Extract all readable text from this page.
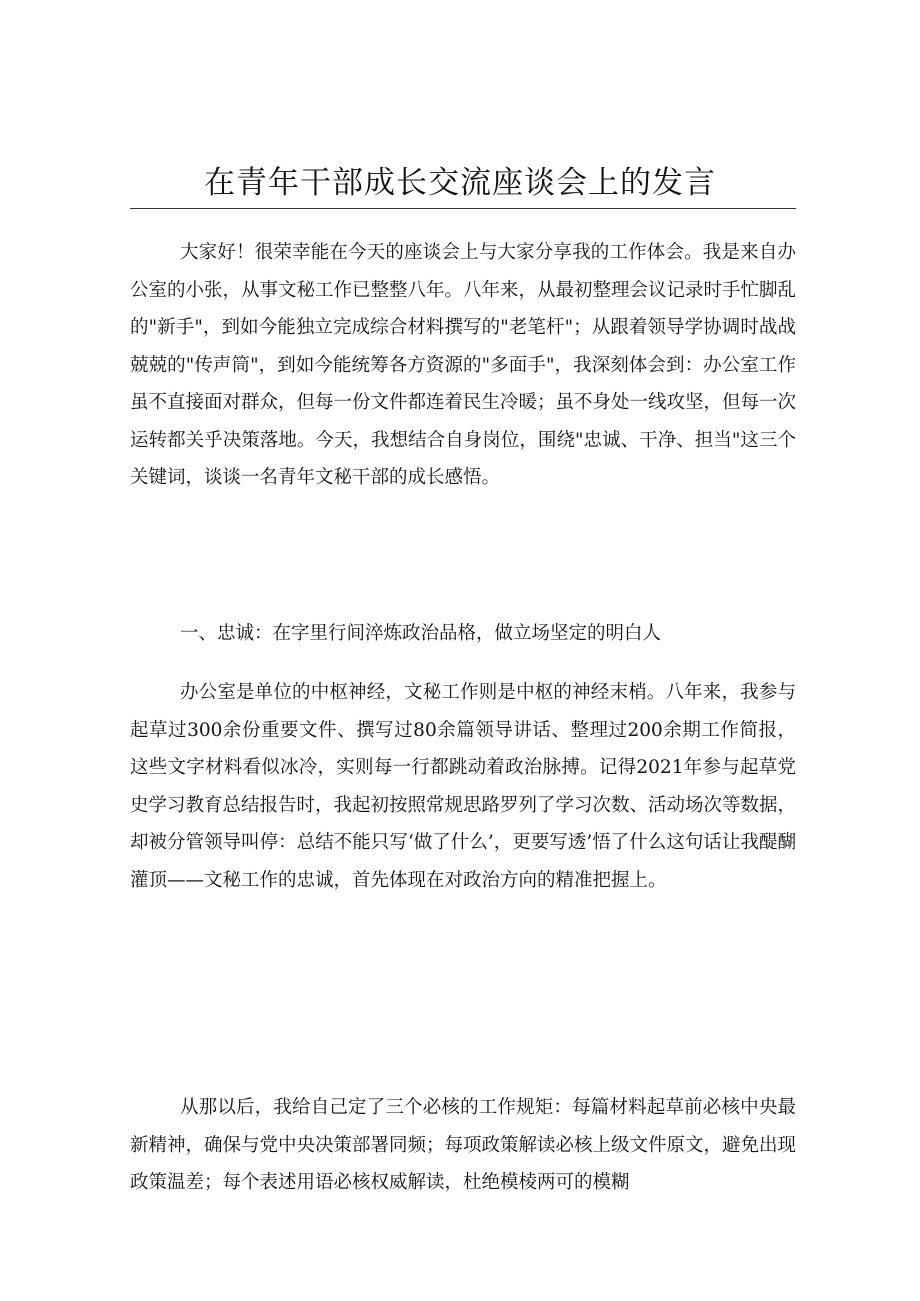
在青年干部成长交流座谈会上的发言

大家好！很荣幸能在今天的座谈会上与大家分享我的工作体会。我是来自办公室的小张，从事文秘工作已整整八年。八年来，从最初整理会议记录时手忙脚乱的"新手"，到如今能独立完成综合材料撰写的"老笔杆"；从跟着领导学协调时战战兢兢的"传声筒"，到如今能统筹各方资源的"多面手"，我深刻体会到：办公室工作虽不直接面对群众，但每一份文件都连着民生冷暖；虽不身处一线攻坚，但每一次运转都关乎决策落地。今天，我想结合自身岗位，围绕"忠诚、干净、担当"这三个关键词，谈谈一名青年文秘干部的成长感悟。

一、忠诚：在字里行间淬炼政治品格，做立场坚定的明白人

办公室是单位的中枢神经，文秘工作则是中枢的神经末梢。八年来，我参与起草过300余份重要文件、撰写过80余篇领导讲话、整理过200余期工作简报，这些文字材料看似冰冷，实则每一行都跳动着政治脉搏。记得2021年参与起草党史学习教育总结报告时，我起初按照常规思路罗列了学习次数、活动场次等数据，却被分管领导叫停：总结不能只写‘做了什么’，更要写透’悟了什么这句话让我醍醐灌顶——文秘工作的忠诚，首先体现在对政治方向的精准把握上。

从那以后，我给自己定了三个必核的工作规矩：每篇材料起草前必核中央最新精神，确保与党中央决策部署同频；每项政策解读必核上级文件原文，避免出现政策温差；每个表述用语必核权威解读，杜绝模棱两可的模糊
